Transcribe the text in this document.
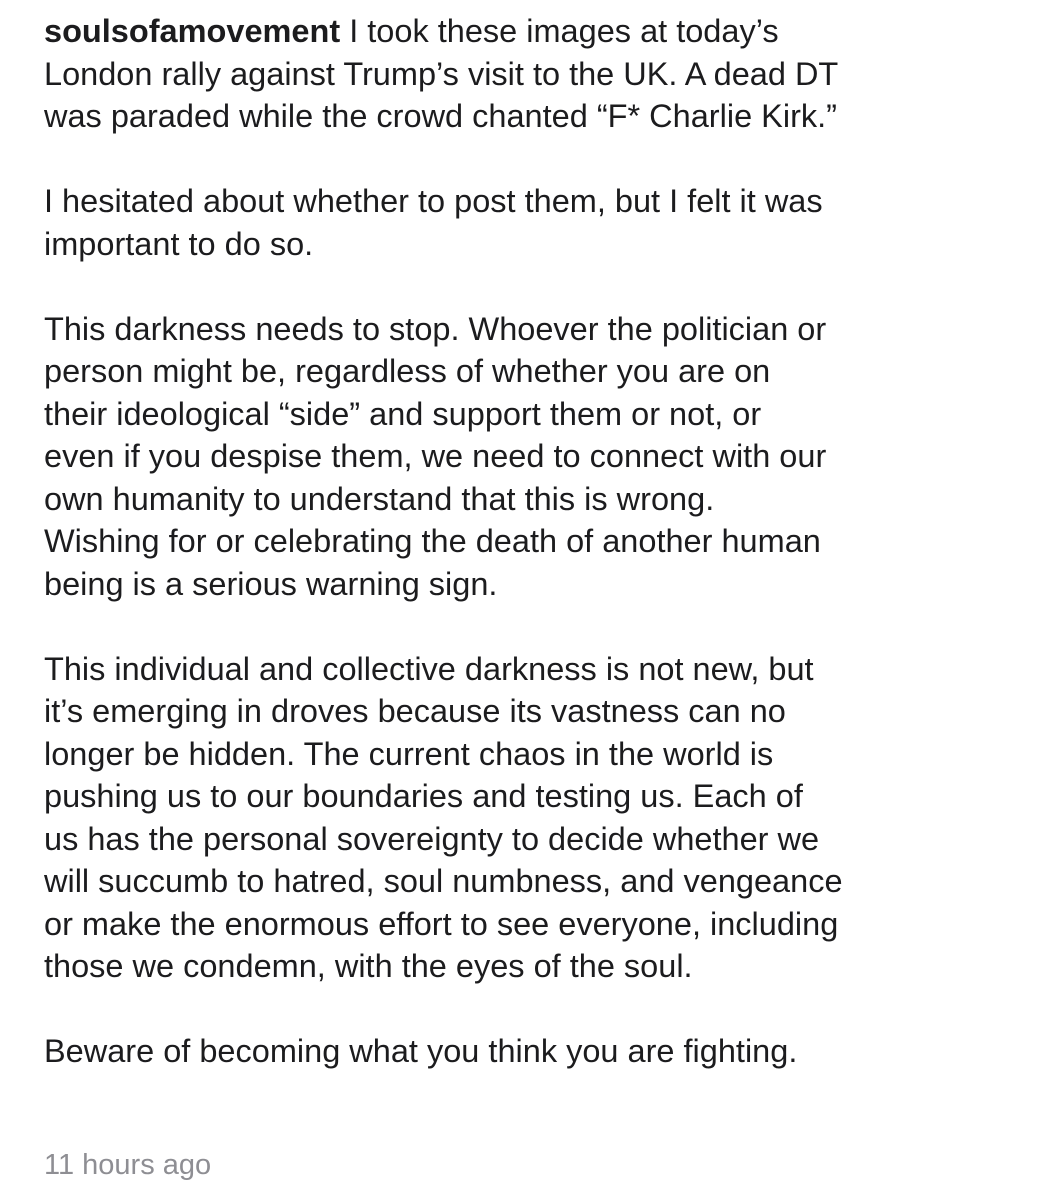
soulsofamovement I took these images at today’s
London rally against Trump’s visit to the UK. A dead DT
was paraded while the crowd chanted “F* Charlie Kirk.”

I hesitated about whether to post them, but I felt it was
important to do so.

This darkness needs to stop. Whoever the politician or
person might be, regardless of whether you are on
their ideological “side” and support them or not, or
even if you despise them, we need to connect with our
own humanity to understand that this is wrong.
Wishing for or celebrating the death of another human
being is a serious warning sign.

This individual and collective darkness is not new, but
it’s emerging in droves because its vastness can no
longer be hidden. The current chaos in the world is
pushing us to our boundaries and testing us. Each of
us has the personal sovereignty to decide whether we
will succumb to hatred, soul numbness, and vengeance
or make the enormous effort to see everyone, including
those we condemn, with the eyes of the soul.

Beware of becoming what you think you are fighting.

11 hours ago
